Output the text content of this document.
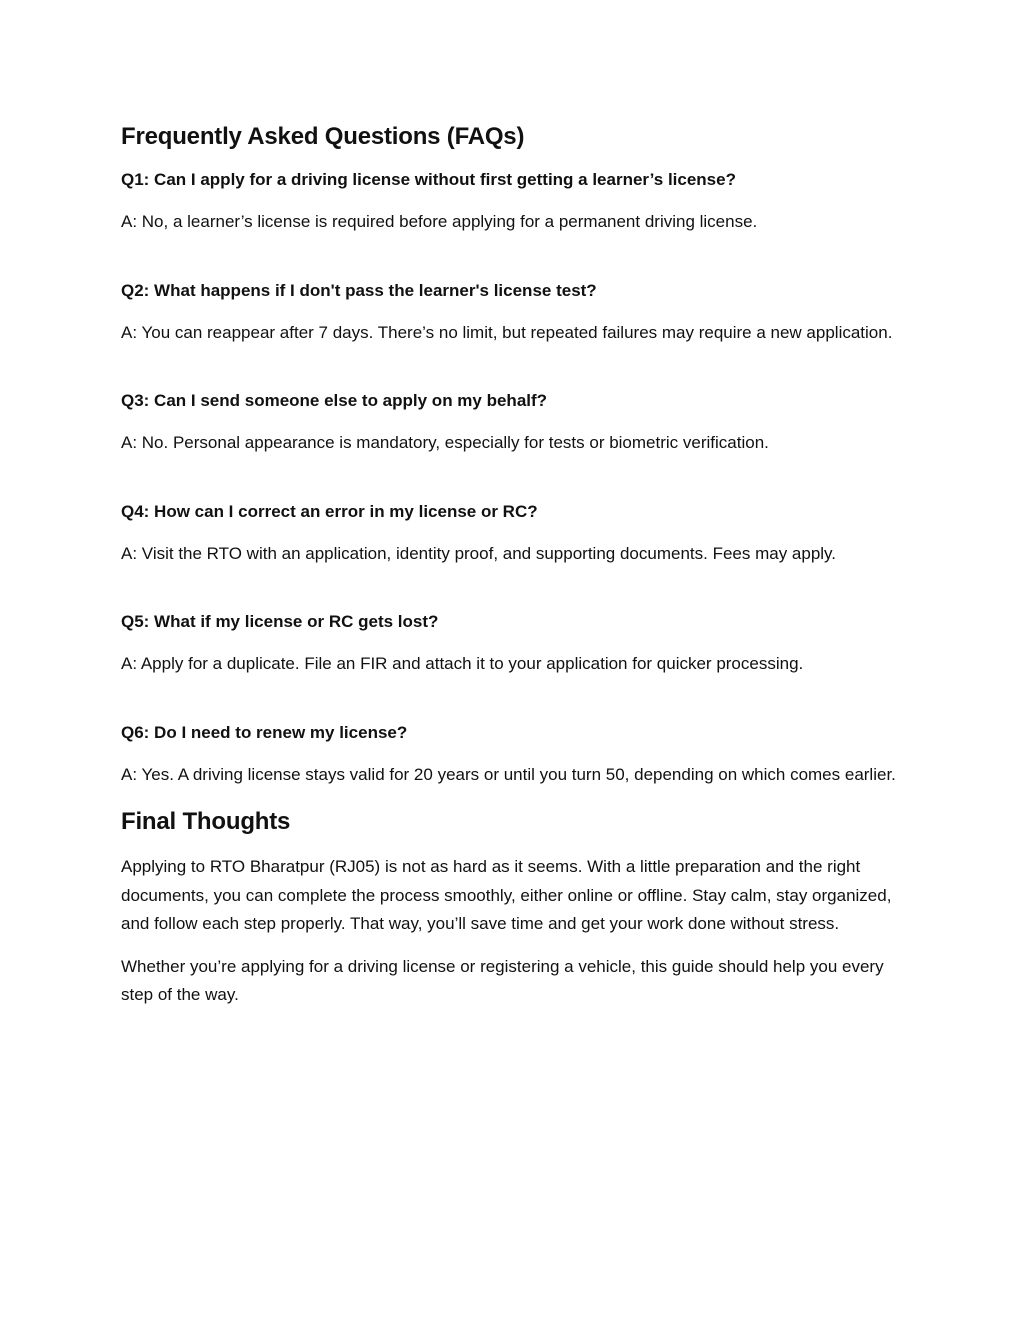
Frequently Asked Questions (FAQs)

Q1: Can I apply for a driving license without first getting a learner’s license?

A: No, a learner’s license is required before applying for a permanent driving license.

Q2: What happens if I don't pass the learner's license test?

A: You can reappear after 7 days. There’s no limit, but repeated failures may require a new application.

Q3: Can I send someone else to apply on my behalf?

A: No. Personal appearance is mandatory, especially for tests or biometric verification.

Q4: How can I correct an error in my license or RC?

A: Visit the RTO with an application, identity proof, and supporting documents. Fees may apply.

Q5: What if my license or RC gets lost?

A: Apply for a duplicate. File an FIR and attach it to your application for quicker processing.

Q6: Do I need to renew my license?

A: Yes. A driving license stays valid for 20 years or until you turn 50, depending on which comes earlier.

Final Thoughts

Applying to RTO Bharatpur (RJ05) is not as hard as it seems. With a little preparation and the right documents, you can complete the process smoothly, either online or offline. Stay calm, stay organized, and follow each step properly. That way, you’ll save time and get your work done without stress.

Whether you’re applying for a driving license or registering a vehicle, this guide should help you every step of the way.
